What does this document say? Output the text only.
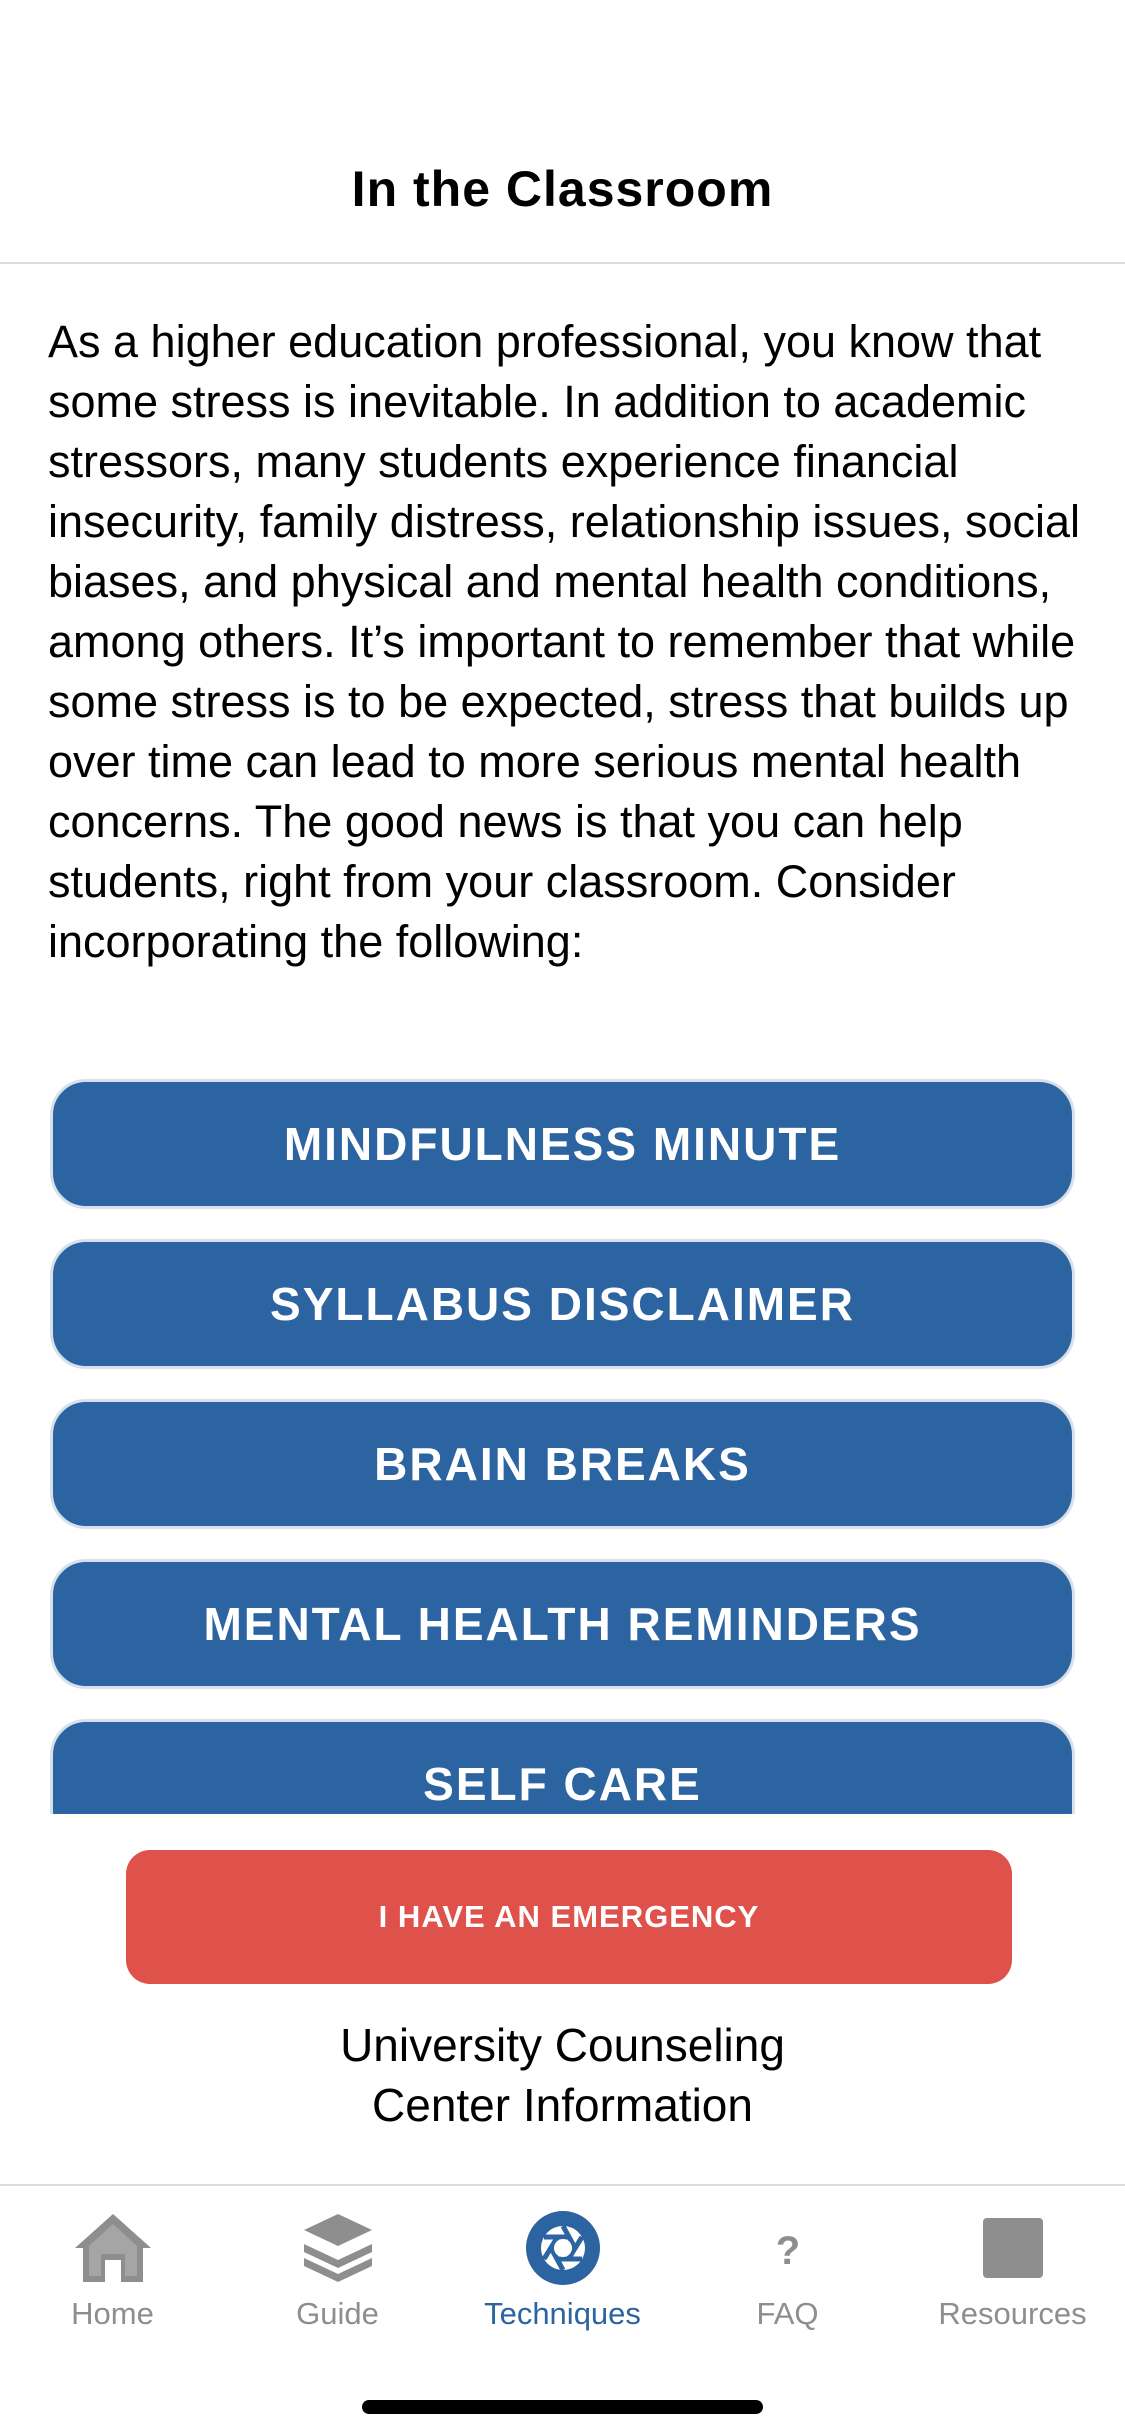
In the Classroom

As a higher education professional, you know that some stress is inevitable. In addition to academic stressors, many students experience financial insecurity, family distress, relationship issues, social biases, and physical and mental health conditions, among others. It’s important to remember that while some stress is to be expected, stress that builds up over time can lead to more serious mental health concerns. The good news is that you can help students, right from your classroom. Consider incorporating the following:

MINDFULNESS MINUTE
SYLLABUS DISCLAIMER
BRAIN BREAKS
MENTAL HEALTH REMINDERS
SELF CARE
I HAVE AN EMERGENCY
University Counseling
Center Information
Home	Guide	Techniques
?
FAQ	Resources
